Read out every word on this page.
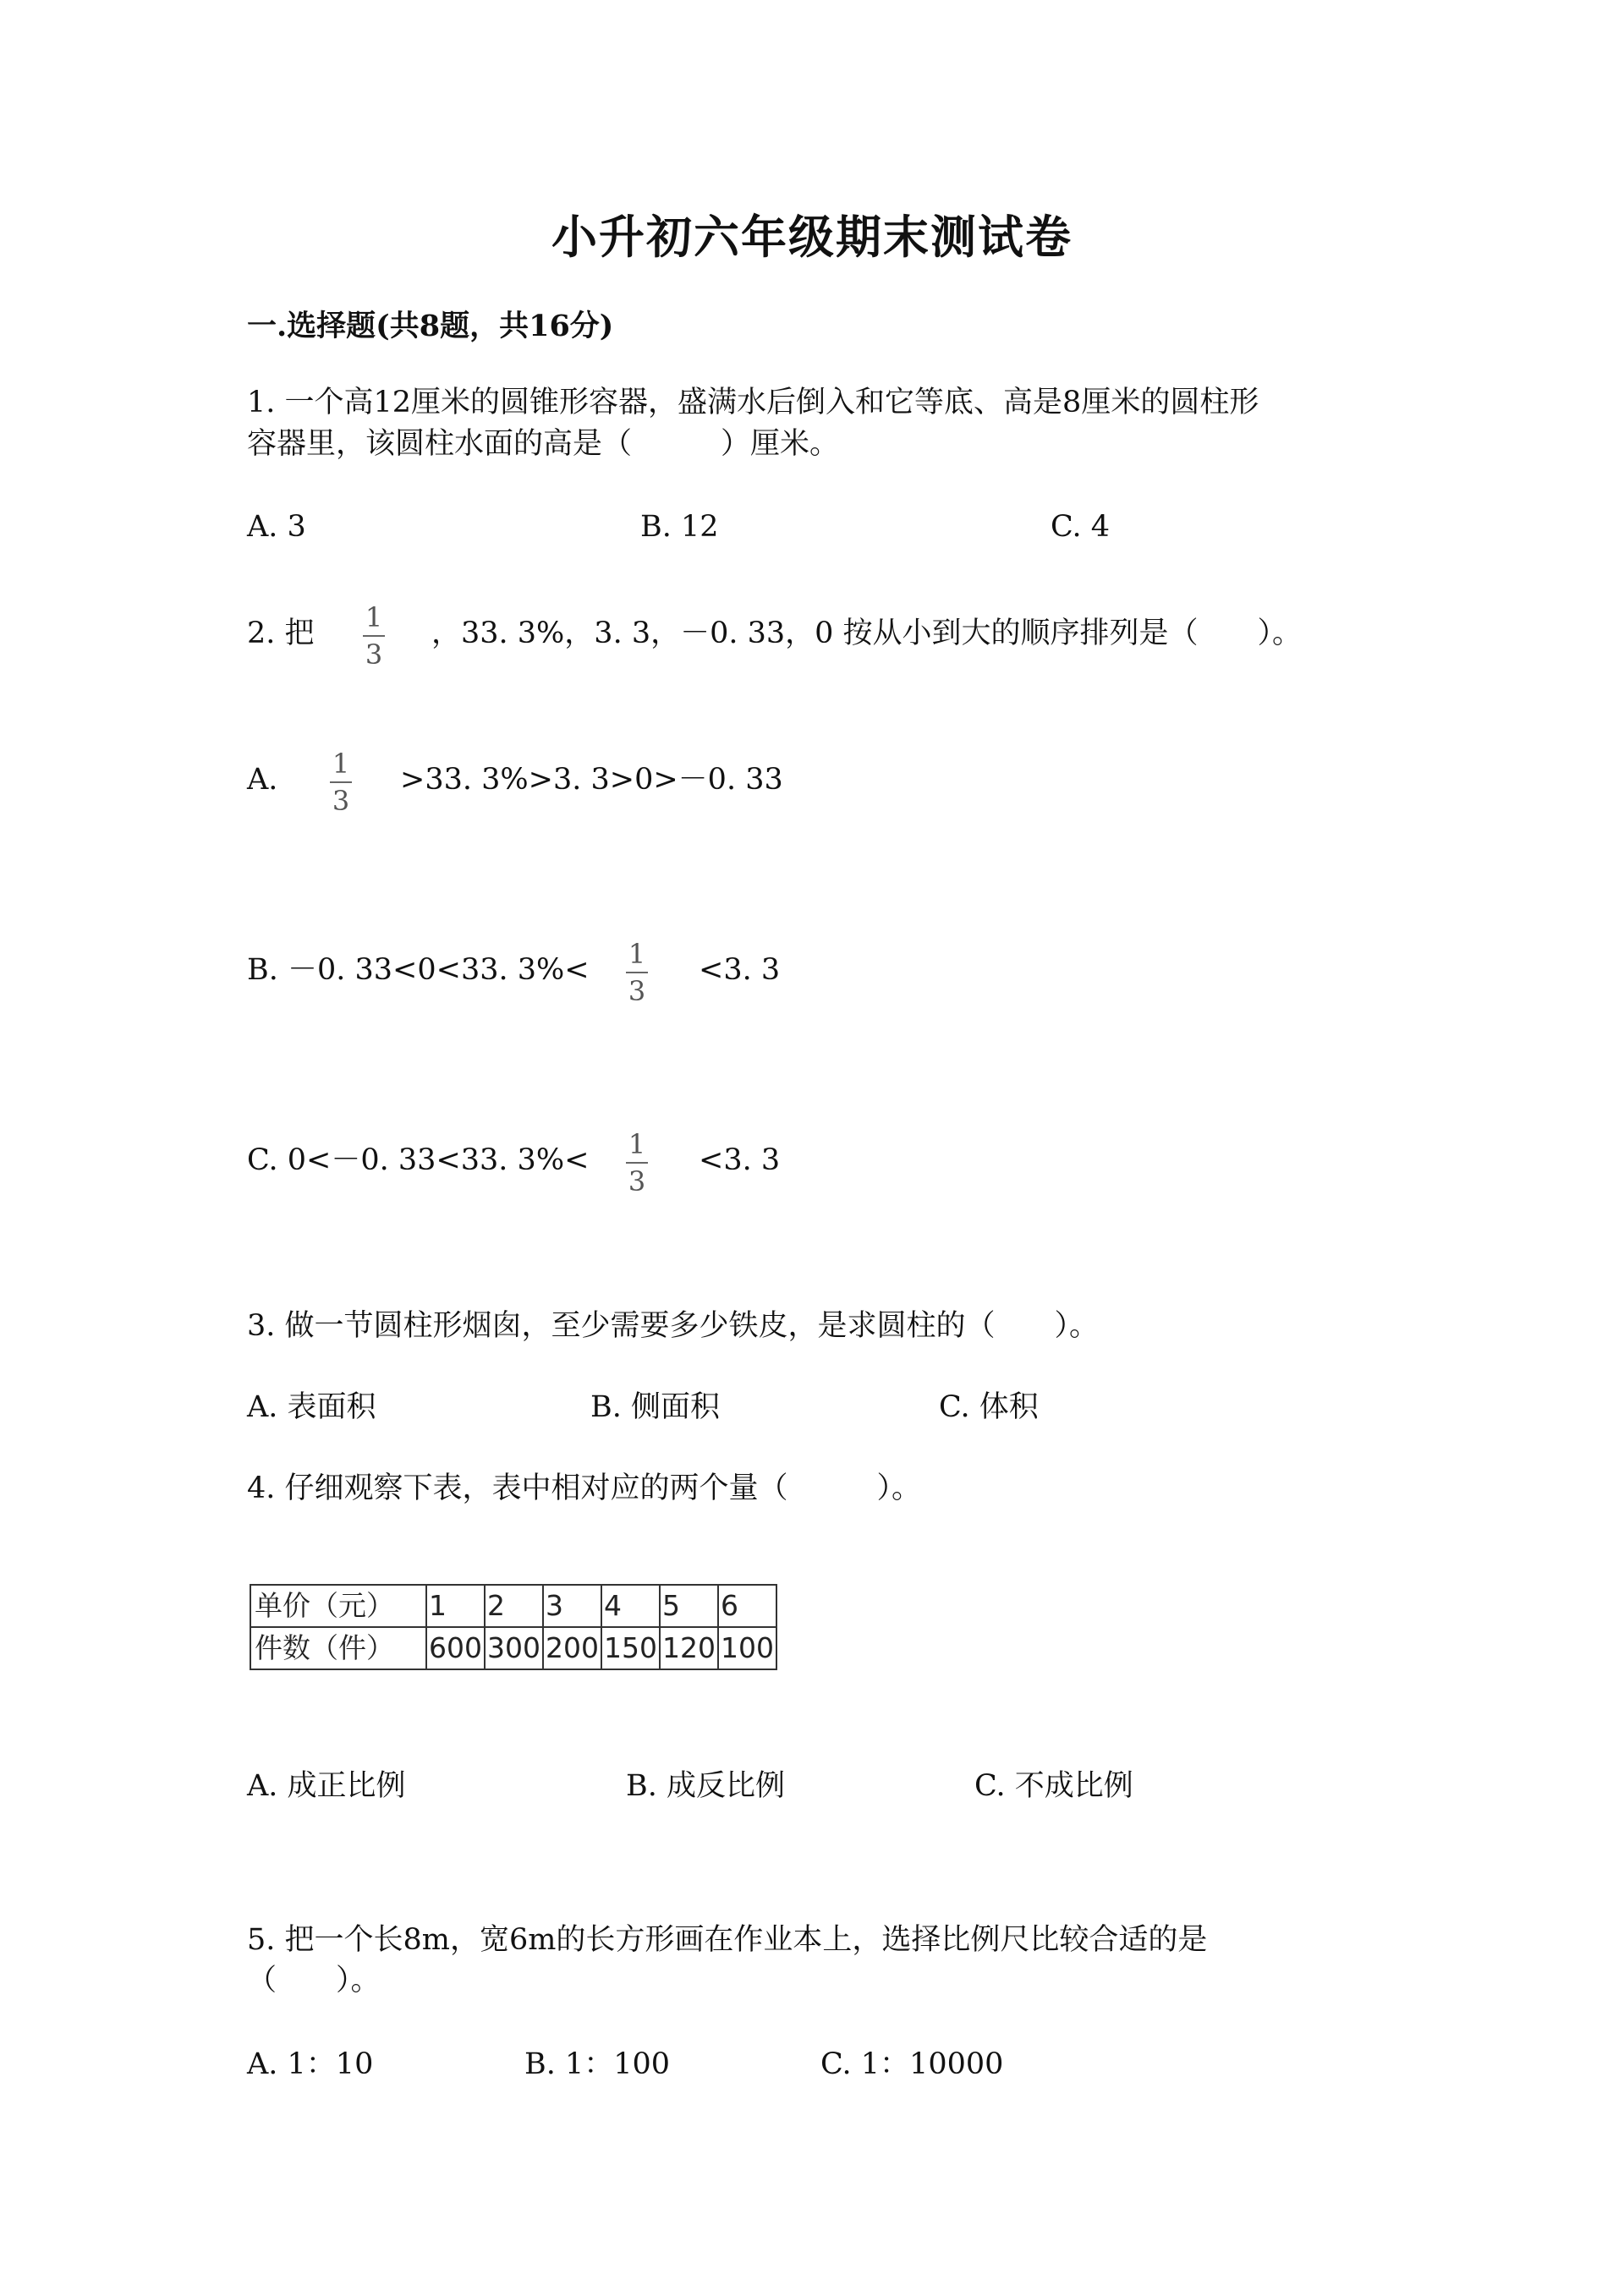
小升初六年级期末测试卷
一.选择题(共8题，共16分)
1. 一个高12厘米的圆锥形容器，盛满水后倒入和它等底、高是8厘米的圆柱形
容器里，该圆柱水面的高是（　　　）厘米。
A. 3	B. 12	C. 4
2. 把 1
3
，33. 3%，3. 3，－0. 33，0 按从小到大的顺序排列是（　　）。
A. 1
3
>33. 3%>3. 3>0>－0. 33
B. －0. 33<0<33. 3%< 1
3
<3. 3
C. 0<－0. 33<33. 3%< 1
3
<3. 3
3. 做一节圆柱形烟囱，至少需要多少铁皮，是求圆柱的（　　）。
A. 表面积	B. 侧面积	C. 体积
4. 仔细观察下表，表中相对应的两个量（　　　）。
单价（元）	1	2	3	4	5	6
件数（件）	600	300	200	150	120	100
A. 成正比例	B. 成反比例	C. 不成比例
5. 把一个长8m，宽6m的长方形画在作业本上，选择比例尺比较合适的是
（　　）。
A. 1：10	B. 1：100	C. 1：10000
